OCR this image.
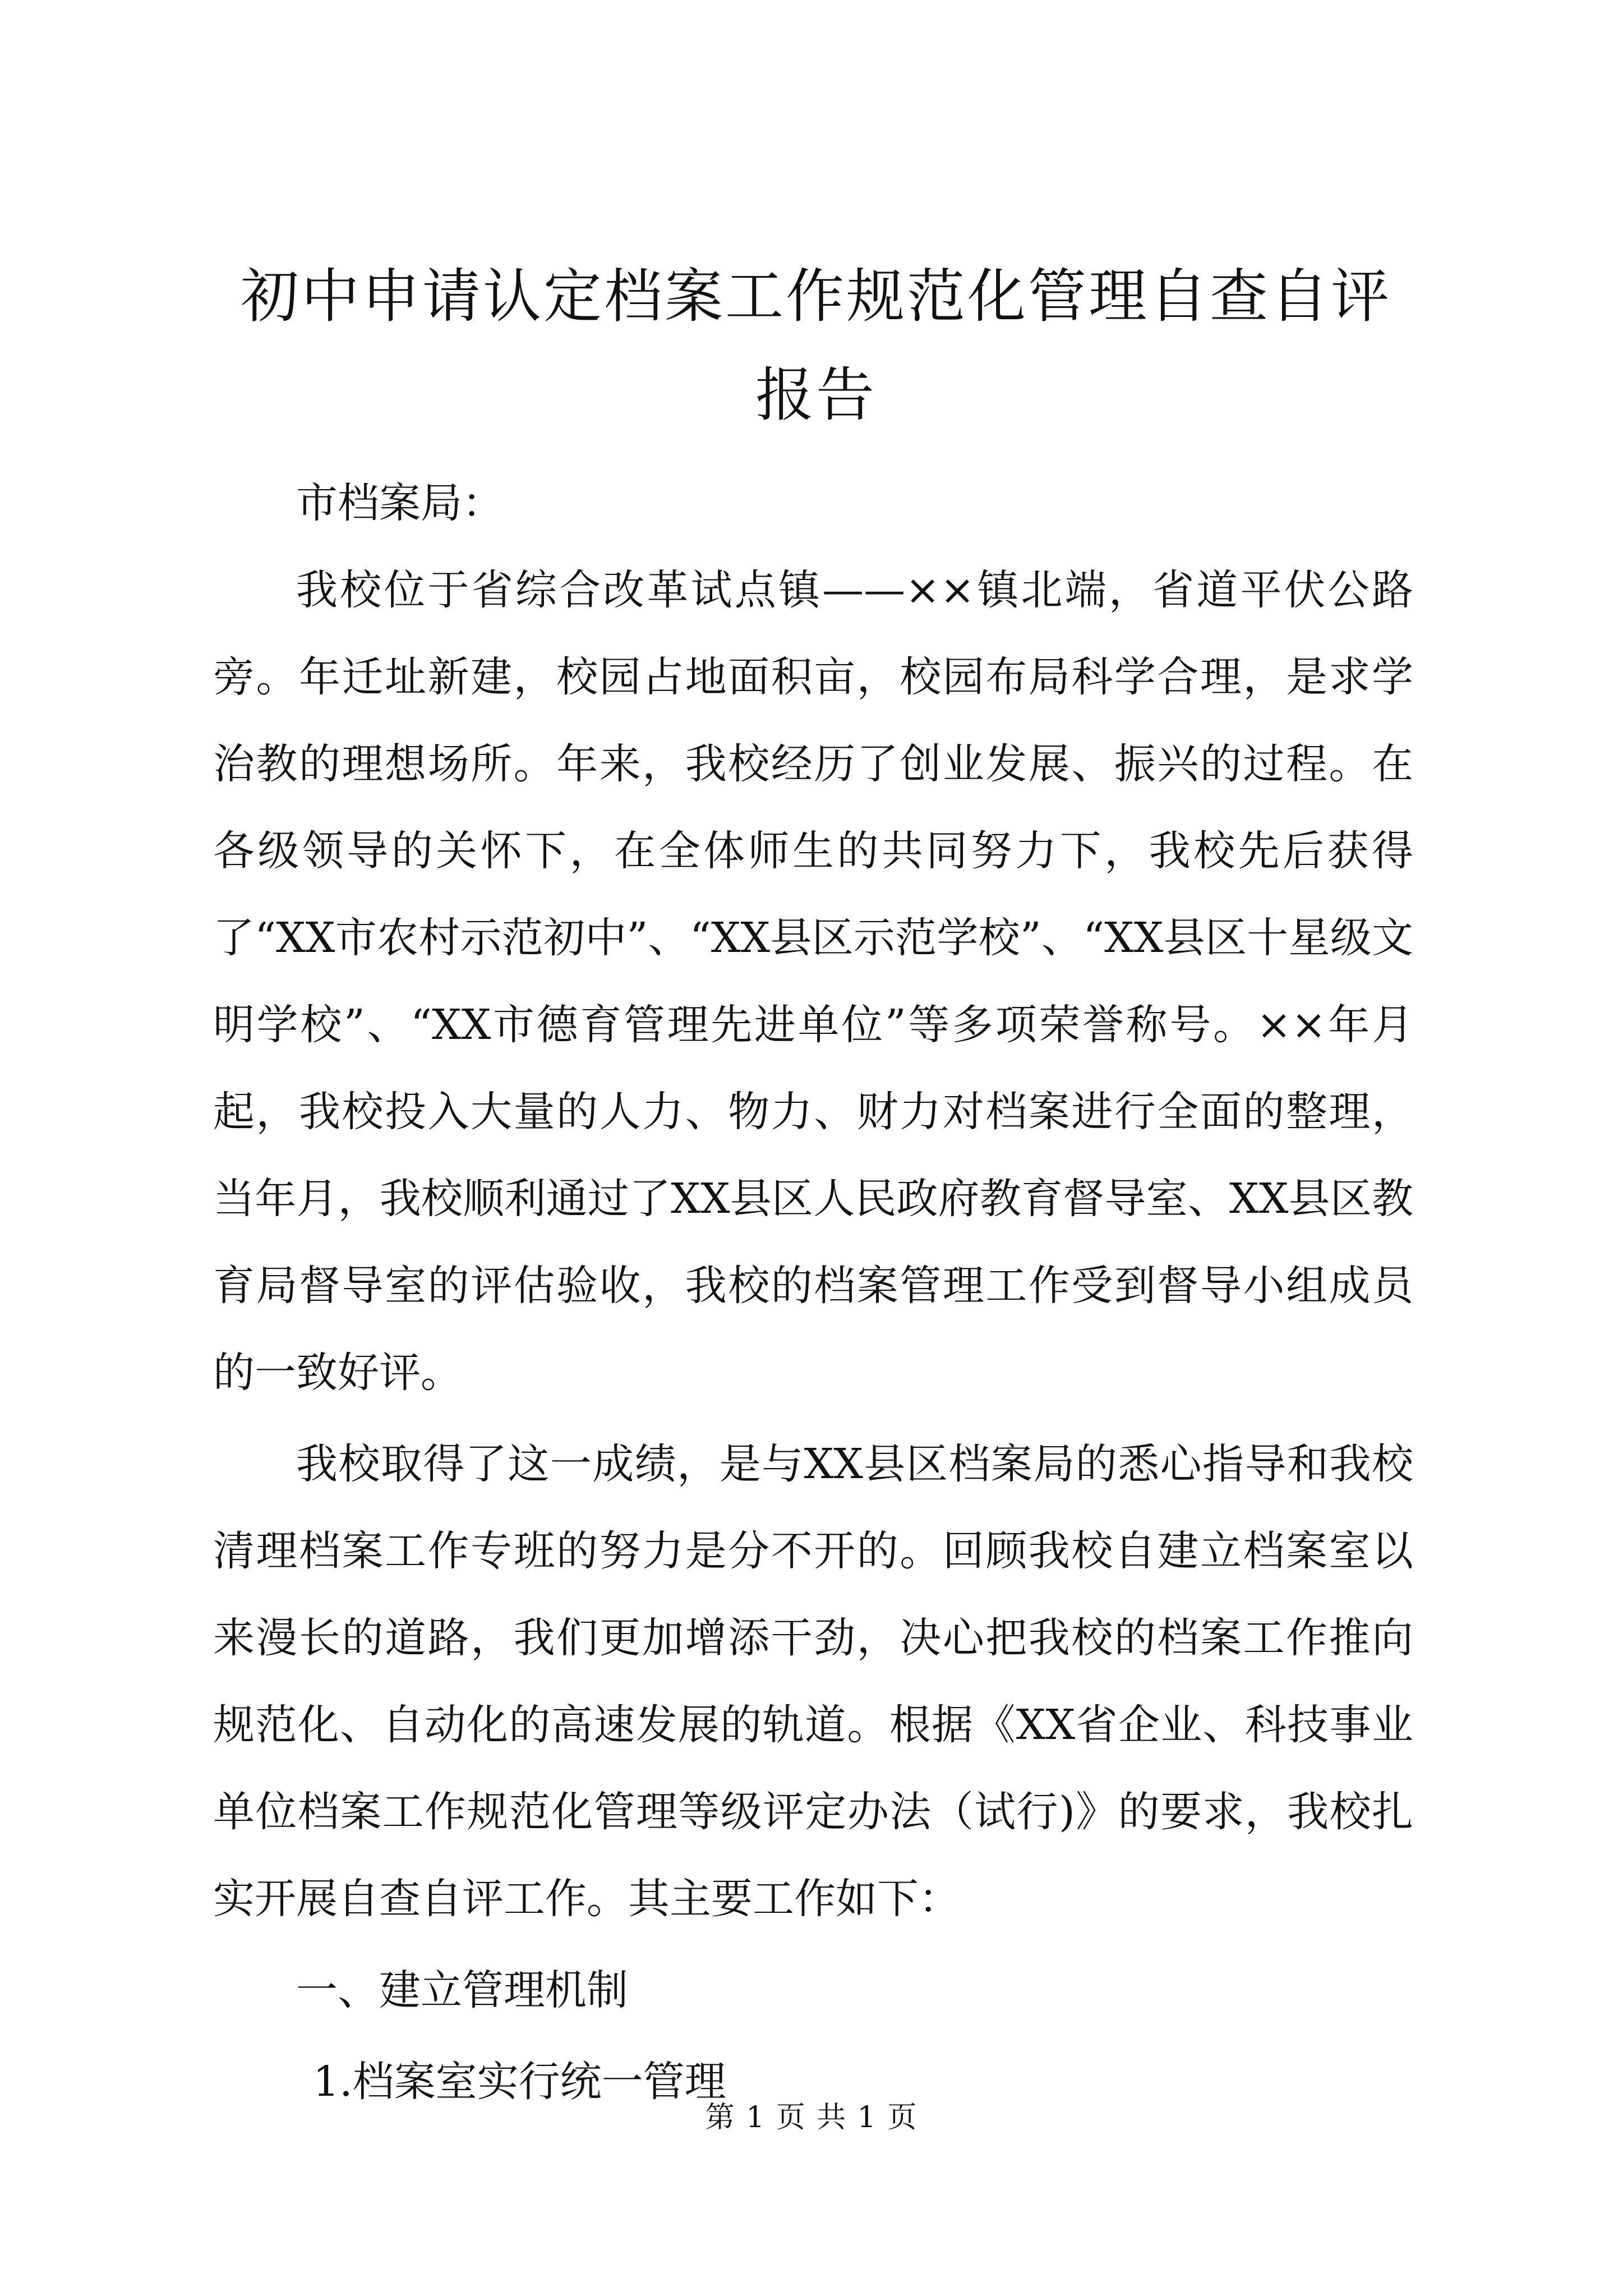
初中申请认定档案工作规范化管理自查自评报告

市档案局：

我校位于省综合改革试点镇——××镇北端，省道平伏公路旁。年迁址新建，校园占地面积亩，校园布局科学合理，是求学治教的理想场所。年来，我校经历了创业发展、振兴的过程。在各级领导的关怀下，在全体师生的共同努力下，我校先后获得了“XX市农村示范初中”、“XX县区示范学校”、“XX县区十星级文明学校”、“XX市德育管理先进单位”等多项荣誉称号。××年月起，我校投入大量的人力、物力、财力对档案进行全面的整理，当年月，我校顺利通过了XX县区人民政府教育督导室、XX县区教育局督导室的评估验收，我校的档案管理工作受到督导小组成员的一致好评。

我校取得了这一成绩，是与XX县区档案局的悉心指导和我校清理档案工作专班的努力是分不开的。回顾我校自建立档案室以来漫长的道路，我们更加增添干劲，决心把我校的档案工作推向规范化、自动化的高速发展的轨道。根据《XX省企业、科技事业单位档案工作规范化管理等级评定办法（试行)》的要求，我校扎实开展自查自评工作。其主要工作如下：

一、建立管理机制

1.档案室实行统一管理

第 1 页 共 1 页
